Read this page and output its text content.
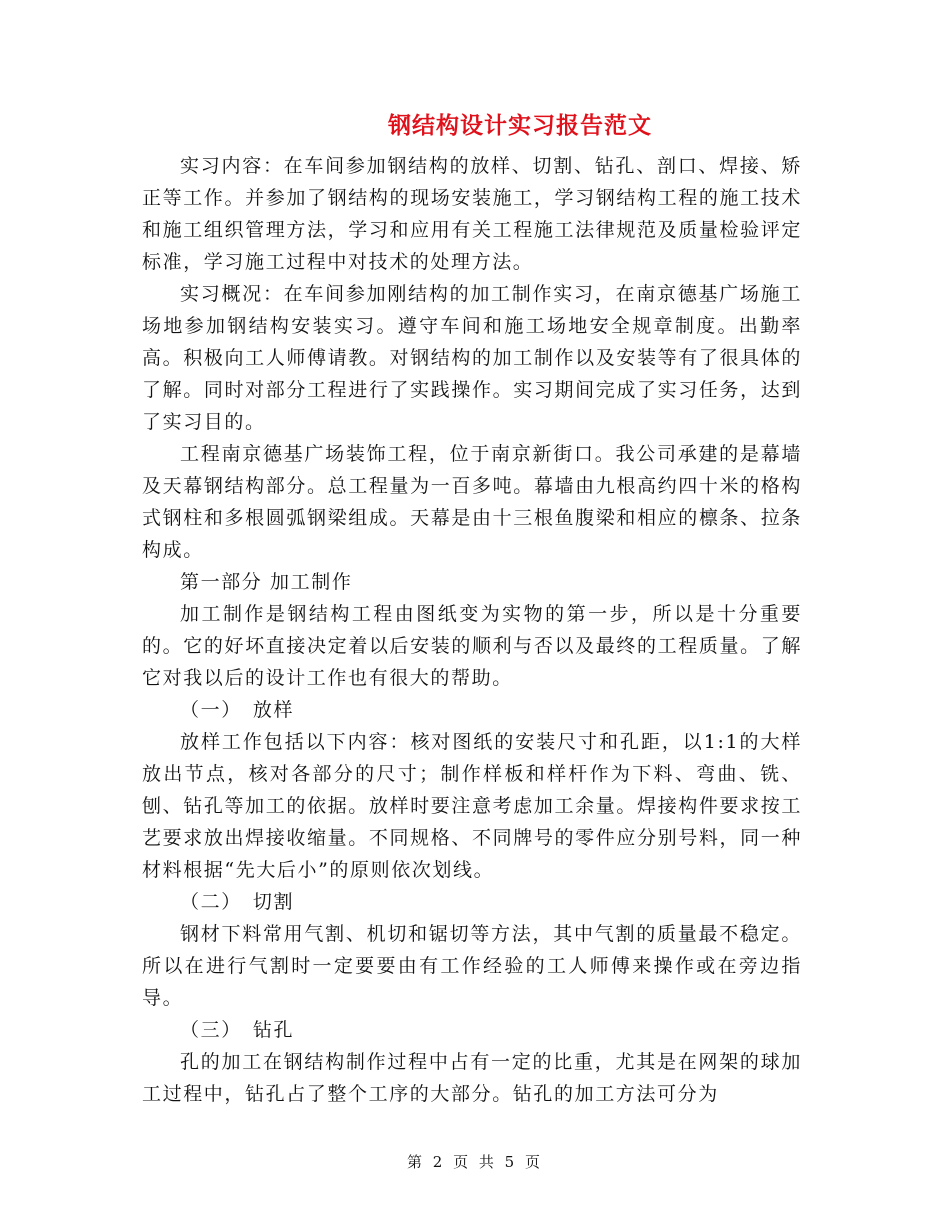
钢结构设计实习报告范文

实习内容：在车间参加钢结构的放样、切割、钻孔、剖口、焊接、矫正等工作。并参加了钢结构的现场安装施工，学习钢结构工程的施工技术和施工组织管理方法，学习和应用有关工程施工法律规范及质量检验评定标准，学习施工过程中对技术的处理方法。

实习概况：在车间参加刚结构的加工制作实习，在南京德基广场施工场地参加钢结构安装实习。遵守车间和施工场地安全规章制度。出勤率高。积极向工人师傅请教。对钢结构的加工制作以及安装等有了很具体的了解。同时对部分工程进行了实践操作。实习期间完成了实习任务，达到了实习目的。

工程南京德基广场装饰工程，位于南京新街口。我公司承建的是幕墙及天幕钢结构部分。总工程量为一百多吨。幕墙由九根高约四十米的格构式钢柱和多根圆弧钢梁组成。天幕是由十三根鱼腹梁和相应的檩条、拉条构成。

第一部分 加工制作

加工制作是钢结构工程由图纸变为实物的第一步，所以是十分重要的。它的好坏直接决定着以后安装的顺利与否以及最终的工程质量。了解它对我以后的设计工作也有很大的帮助。

（一）　放样

放样工作包括以下内容：核对图纸的安装尺寸和孔距，以1:1的大样放出节点，核对各部分的尺寸；制作样板和样杆作为下料、弯曲、铣、刨、钻孔等加工的依据。放样时要注意考虑加工余量。焊接构件要求按工艺要求放出焊接收缩量。不同规格、不同牌号的零件应分别号料，同一种材料根据“先大后小”的原则依次划线。

（二）　切割

钢材下料常用气割、机切和锯切等方法，其中气割的质量最不稳定。所以在进行气割时一定要要由有工作经验的工人师傅来操作或在旁边指导。

（三）　钻孔

孔的加工在钢结构制作过程中占有一定的比重，尤其是在网架的球加工过程中，钻孔占了整个工序的大部分。钻孔的加工方法可分为

第 2 页 共 5 页
